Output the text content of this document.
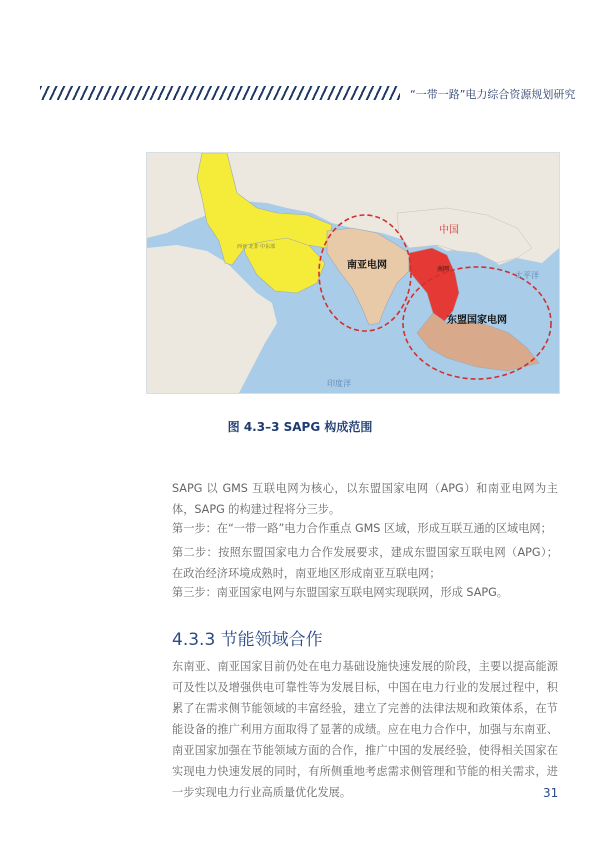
“一带一路”电力综合资源规划研究
中国
南亚电网
东盟国家电网
太平洋
印度洋
西亚 北非 中东部
南网
图 4.3–3 SAPG 构成范围

SAPG 以 GMS 互联电网为核心，以东盟国家电网（APG）和南亚电网为主体，SAPG 的构建过程将分三步。

第一步：在“一带一路”电力合作重点 GMS 区域，形成互联互通的区域电网；

第二步：按照东盟国家电力合作发展要求，建成东盟国家互联电网（APG）；在政治经济环境成熟时，南亚地区形成南亚互联电网；

第三步：南亚国家电网与东盟国家互联电网实现联网，形成 SAPG。

4.3.3 节能领域合作

东南亚、南亚国家目前仍处在电力基础设施快速发展的阶段，主要以提高能源可及性以及增强供电可靠性等为发展目标，中国在电力行业的发展过程中，积累了在需求侧节能领域的丰富经验，建立了完善的法律法规和政策体系，在节能设备的推广利用方面取得了显著的成绩。应在电力合作中，加强与东南亚、南亚国家加强在节能领域方面的合作，推广中国的发展经验，使得相关国家在实现电力快速发展的同时，有所侧重地考虑需求侧管理和节能的相关需求，进一步实现电力行业高质量优化发展。	31
